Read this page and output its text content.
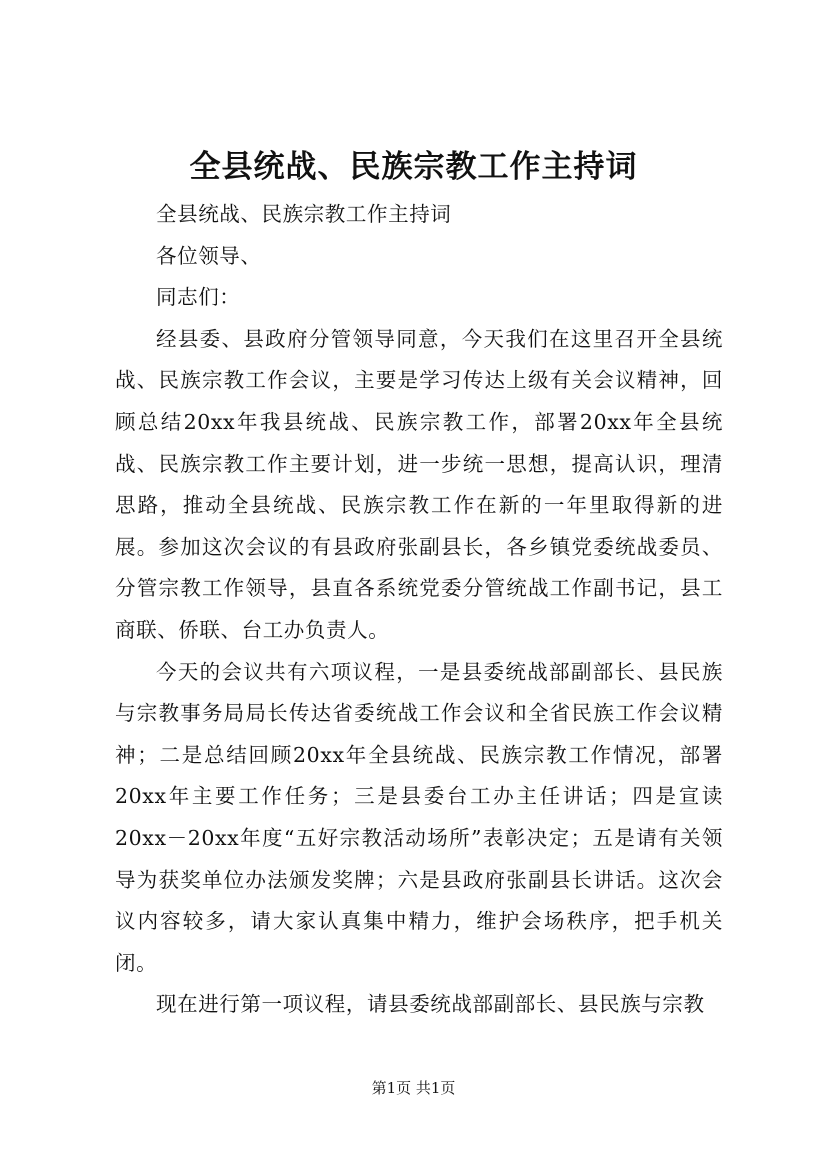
全县统战、民族宗教工作主持词

全县统战、民族宗教工作主持词

各位领导、

同志们：

经县委、县政府分管领导同意，今天我们在这里召开全县统战、民族宗教工作会议，主要是学习传达上级有关会议精神，回顾总结20xx年我县统战、民族宗教工作，部署20xx年全县统战、民族宗教工作主要计划，进一步统一思想，提高认识，理清思路，推动全县统战、民族宗教工作在新的一年里取得新的进展。参加这次会议的有县政府张副县长，各乡镇党委统战委员、分管宗教工作领导，县直各系统党委分管统战工作副书记，县工商联、侨联、台工办负责人。

今天的会议共有六项议程，一是县委统战部副部长、县民族与宗教事务局局长传达省委统战工作会议和全省民族工作会议精神；二是总结回顾20xx年全县统战、民族宗教工作情况，部署20xx年主要工作任务；三是县委台工办主任讲话；四是宣读20xx－20xx年度“五好宗教活动场所”表彰决定；五是请有关领导为获奖单位办法颁发奖牌；六是县政府张副县长讲话。这次会议内容较多，请大家认真集中精力，维护会场秩序，把手机关闭。

现在进行第一项议程，请县委统战部副部长、县民族与宗教

第1页 共1页
